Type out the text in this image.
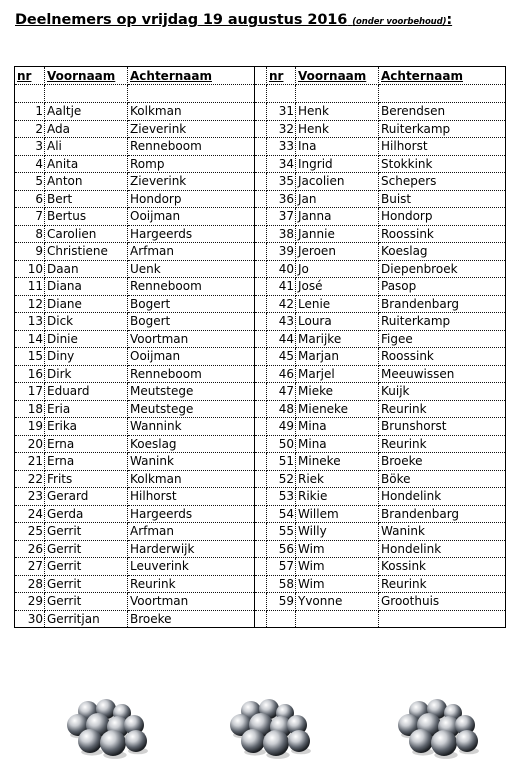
Deelnemers op vrijdag 19 augustus 2016 (onder voorbehoud):
nr	Voornaam	Achternaam		nr	Voornaam	Achternaam

1	Aaltje	Kolkman		31	Henk	Berendsen
2	Ada	Zieverink		32	Henk	Ruiterkamp
3	Ali	Renneboom		33	Ina	Hilhorst
4	Anita	Romp		34	Ingrid	Stokkink
5	Anton	Zieverink		35	Jacolien	Schepers
6	Bert	Hondorp		36	Jan	Buist
7	Bertus	Ooijman		37	Janna	Hondorp
8	Carolien	Hargeerds		38	Jannie	Roossink
9	Christiene	Arfman		39	Jeroen	Koeslag
10	Daan	Uenk		40	Jo	Diepenbroek
11	Diana	Renneboom		41	José	Pasop
12	Diane	Bogert		42	Lenie	Brandenbarg
13	Dick	Bogert		43	Loura	Ruiterkamp
14	Dinie	Voortman		44	Marijke	Figee
15	Diny	Ooijman		45	Marjan	Roossink
16	Dirk	Renneboom		46	Marjel	Meeuwissen
17	Eduard	Meutstege		47	Mieke	Kuijk
18	Eria	Meutstege		48	Mieneke	Reurink
19	Erika	Wannink		49	Mina	Brunshorst
20	Erna	Koeslag		50	Mina	Reurink
21	Erna	Wanink		51	Mineke	Broeke
22	Frits	Kolkman		52	Riek	Böke
23	Gerard	Hilhorst		53	Rikie	Hondelink
24	Gerda	Hargeerds		54	Willem	Brandenbarg
25	Gerrit	Arfman		55	Willy	Wanink
26	Gerrit	Harderwijk		56	Wim	Hondelink
27	Gerrit	Leuverink		57	Wim	Kossink
28	Gerrit	Reurink		58	Wim	Reurink
29	Gerrit	Voortman		59	Yvonne	Groothuis
30	Gerritjan	Broeke				
